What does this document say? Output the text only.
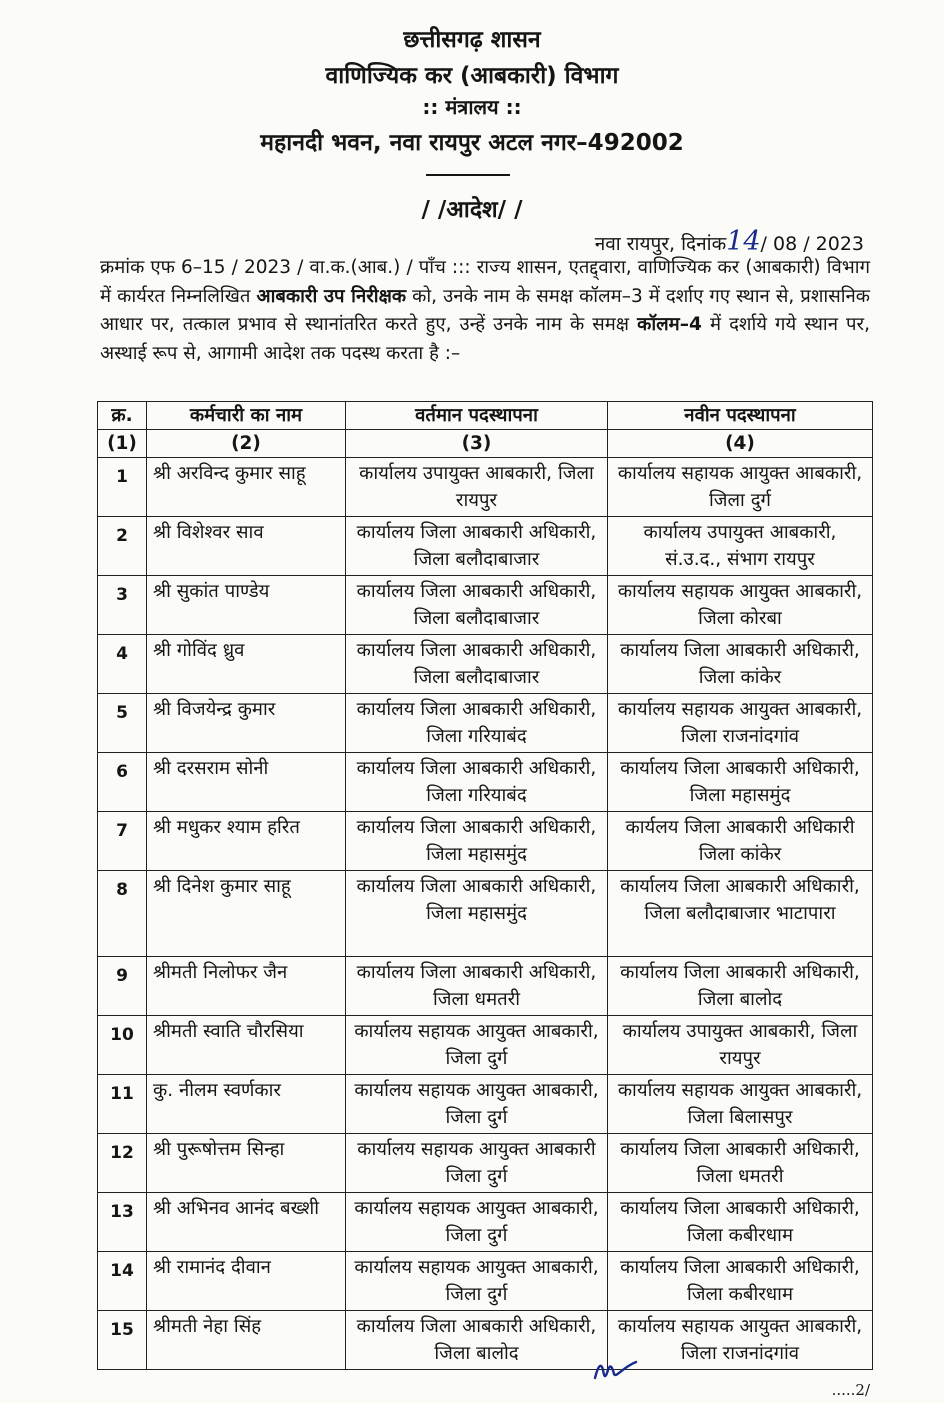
छत्तीसगढ़ शासन
वाणिज्यिक कर (आबकारी) विभाग
:: मंत्रालय ::
महानदी भवन, नवा रायपुर अटल नगर–492002
/ /आदेश/ /
नवा रायपुर, दिनांक14/ 08 / 2023
क्रमांक एफ 6–15 / 2023 / वा.क.(आब.) / पाँच ::: राज्य शासन, एतद्द्वारा, वाणिज्यिक कर (आबकारी) विभाग में कार्यरत निम्नलिखित आबकारी उप निरीक्षक को, उनके नाम के समक्ष कॉलम–3 में दर्शाए गए स्थान से, प्रशासनिक आधार पर, तत्काल प्रभाव से स्थानांतरित करते हुए, उन्हें उनके नाम के समक्ष कॉलम–4 में दर्शाये गये स्थान पर, अस्थाई रूप से, आगामी आदेश तक पदस्थ करता है :–
क्र.	कर्मचारी का नाम	वर्तमान पदस्थापना	नवीन पदस्थापना
(1)	(2)	(3)	(4)
1	श्री अरविन्द कुमार साहू	कार्यालय उपायुक्त आबकारी, जिला रायपुर	कार्यालय सहायक आयुक्त आबकारी, जिला दुर्ग
2	श्री विशेश्वर साव	कार्यालय जिला आबकारी अधिकारी, जिला बलौदाबाजार	कार्यालय उपायुक्त आबकारी, सं.उ.द., संभाग रायपुर
3	श्री सुकांत पाण्डेय	कार्यालय जिला आबकारी अधिकारी, जिला बलौदाबाजार	कार्यालय सहायक आयुक्त आबकारी, जिला कोरबा
4	श्री गोविंद ध्रुव	कार्यालय जिला आबकारी अधिकारी, जिला बलौदाबाजार	कार्यालय जिला आबकारी अधिकारी, जिला कांकेर
5	श्री विजयेन्द्र कुमार	कार्यालय जिला आबकारी अधिकारी, जिला गरियाबंद	कार्यालय सहायक आयुक्त आबकारी, जिला राजनांदगांव
6	श्री दरसराम सोनी	कार्यालय जिला आबकारी अधिकारी, जिला गरियाबंद	कार्यालय जिला आबकारी अधिकारी, जिला महासमुंद
7	श्री मधुकर श्याम हरित	कार्यालय जिला आबकारी अधिकारी, जिला महासमुंद	कार्यलय जिला आबकारी अधिकारी जिला कांकेर
8	श्री दिनेश कुमार साहू	कार्यालय जिला आबकारी अधिकारी, जिला महासमुंद	कार्यालय जिला आबकारी अधिकारी, जिला बलौदाबाजार भाटापारा
9	श्रीमती निलोफर जैन	कार्यालय जिला आबकारी अधिकारी, जिला धमतरी	कार्यालय जिला आबकारी अधिकारी, जिला बालोद
10	श्रीमती स्वाति चौरसिया	कार्यालय सहायक आयुक्त आबकारी, जिला दुर्ग	कार्यालय उपायुक्त आबकारी, जिला रायपुर
11	कु. नीलम स्वर्णकार	कार्यालय सहायक आयुक्त आबकारी, जिला दुर्ग	कार्यालय सहायक आयुक्त आबकारी, जिला बिलासपुर
12	श्री पुरूषोत्तम सिन्हा	कार्यालय सहायक आयुक्त आबकारी जिला दुर्ग	कार्यालय जिला आबकारी अधिकारी, जिला धमतरी
13	श्री अभिनव आनंद बख्शी	कार्यालय सहायक आयुक्त आबकारी, जिला दुर्ग	कार्यालय जिला आबकारी अधिकारी, जिला कबीरधाम
14	श्री रामानंद दीवान	कार्यालय सहायक आयुक्त आबकारी, जिला दुर्ग	कार्यालय जिला आबकारी अधिकारी, जिला कबीरधाम
15	श्रीमती नेहा सिंह	कार्यालय जिला आबकारी अधिकारी, जिला बालोद	कार्यालय सहायक आयुक्त आबकारी, जिला राजनांदगांव
.....2/
